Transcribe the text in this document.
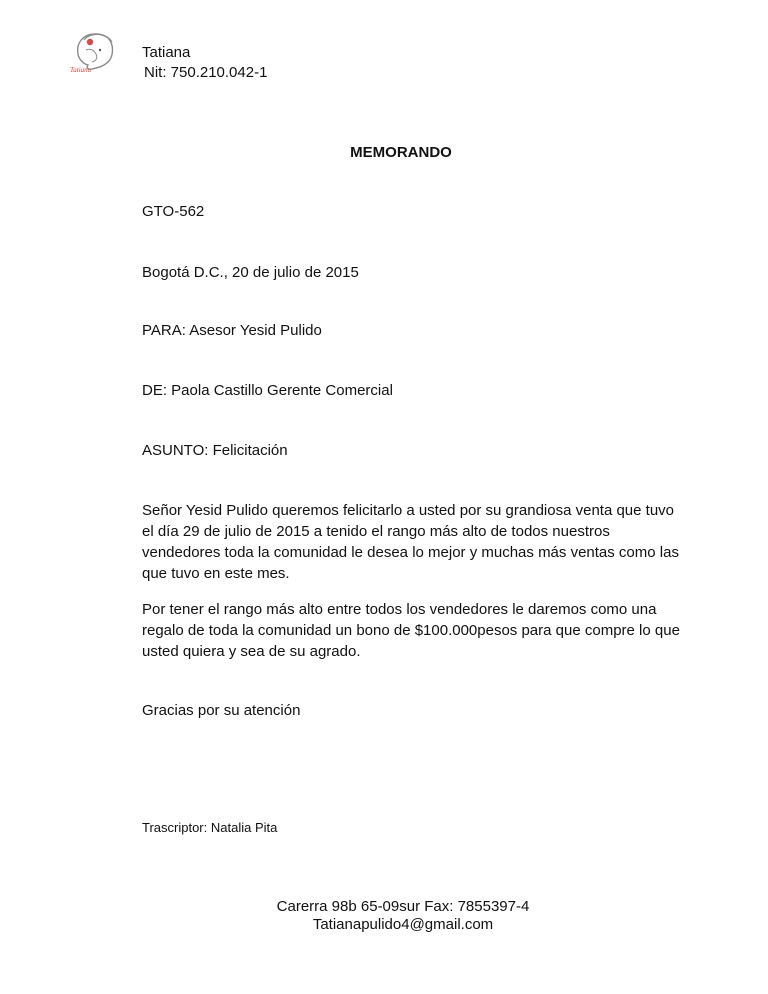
Tatiana
Tatiana
Nit: 750.210.042-1
MEMORANDO
GTO-562
Bogotá D.C., 20 de julio de 2015
PARA: Asesor Yesid Pulido
DE: Paola Castillo Gerente Comercial
ASUNTO: Felicitación
Señor Yesid Pulido queremos felicitarlo a usted por su grandiosa venta que tuvo el día 29 de julio de 2015 a tenido el rango más alto de todos nuestros vendedores toda la comunidad le desea lo mejor y muchas más ventas como las que tuvo en este mes.
Por tener el rango más alto entre todos los vendedores le daremos como una regalo de toda la comunidad un bono de $100.000pesos para que compre lo que usted quiera y sea de su agrado.
Gracias por su atención
Trascriptor: Natalia Pita
Carerra 98b 65-09sur Fax: 7855397-4
Tatianapulido4@gmail.com
